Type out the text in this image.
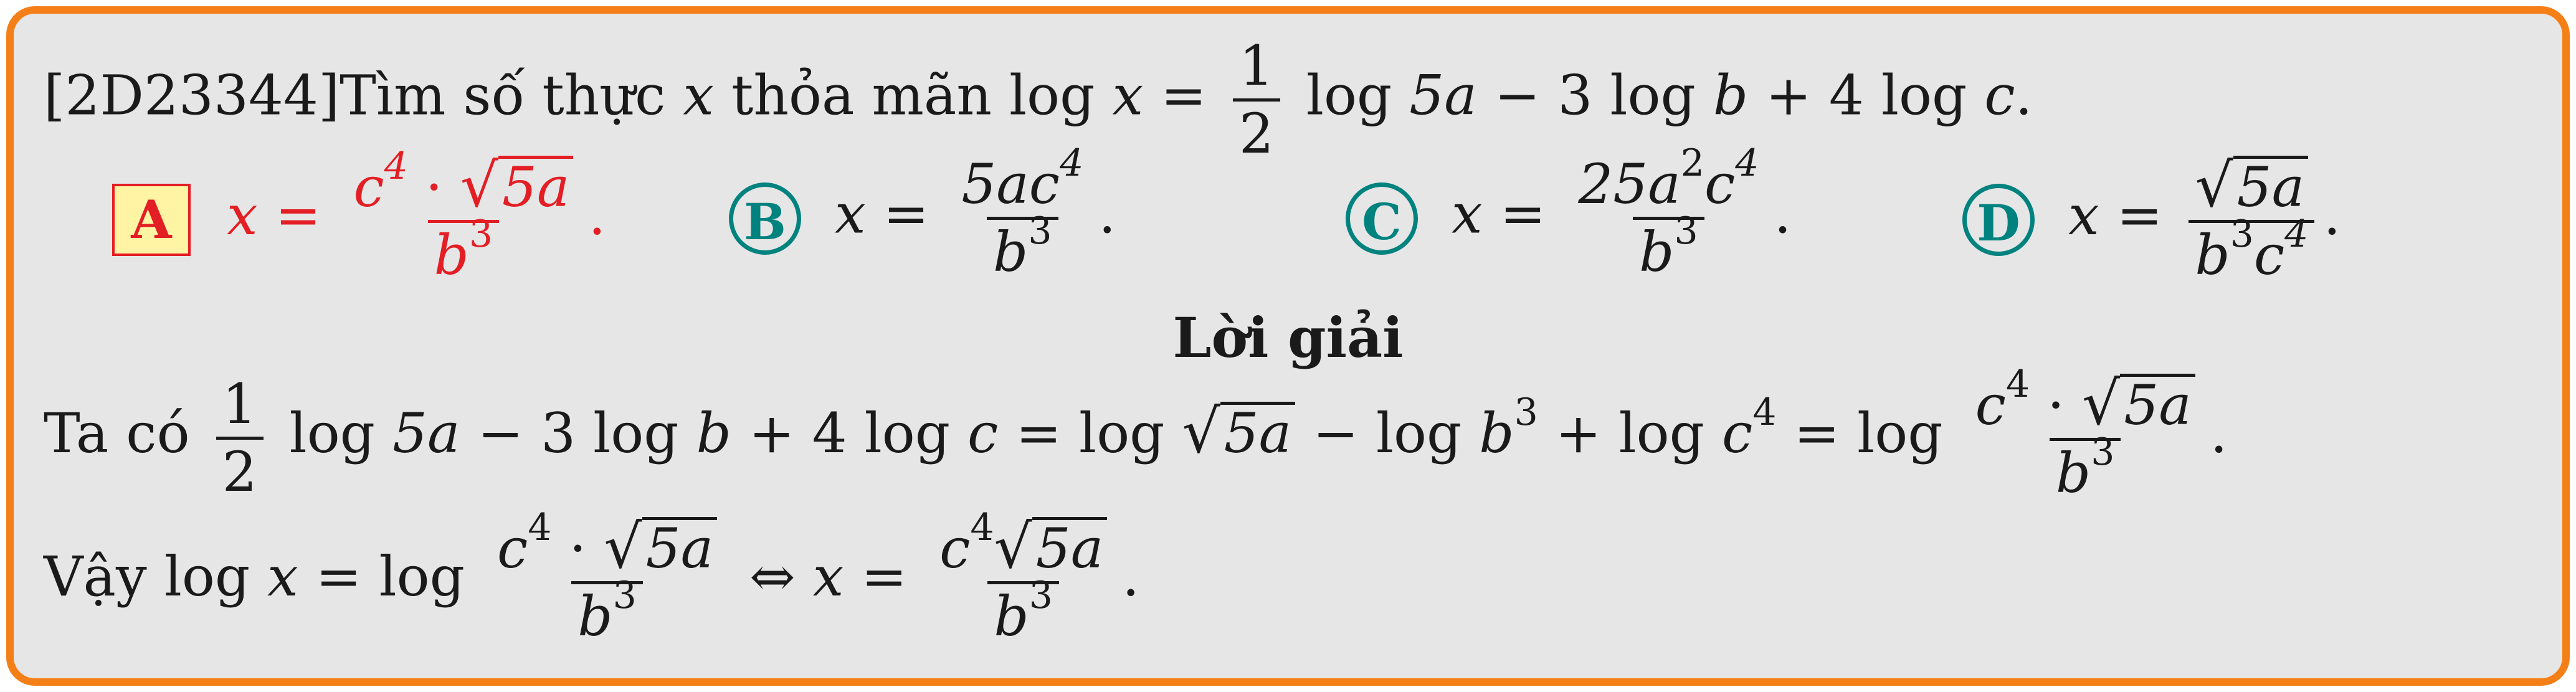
[2D23344]Tìm số thực x thỏa mãn $\log x = \frac{1}{2}$ log 5a − 3 log b + 4 log c.
A $x = \frac{c^4 \cdot √ 5a}{b^3}$ .	B $x = \frac{5ac^4}{b^3}$ .	C $x = \frac{25a^2c^4}{b^3}$ .	D $x = \frac{√ 5a}{b^3c^4}$ .
Lời giải
Ta có $\frac{1}{2}$ log 5a − 3 log b + 4 log c = log √ $5a - \log b^3 + \log c^4 = \log \frac{c^4 \cdot √ 5a}{b^3}$ .
Vậy $\log x = \log \frac{c^4 \cdot √ 5a}{b^3}$ ⇔ $x = \frac{c^4 √ 5a}{b^3}$ .
